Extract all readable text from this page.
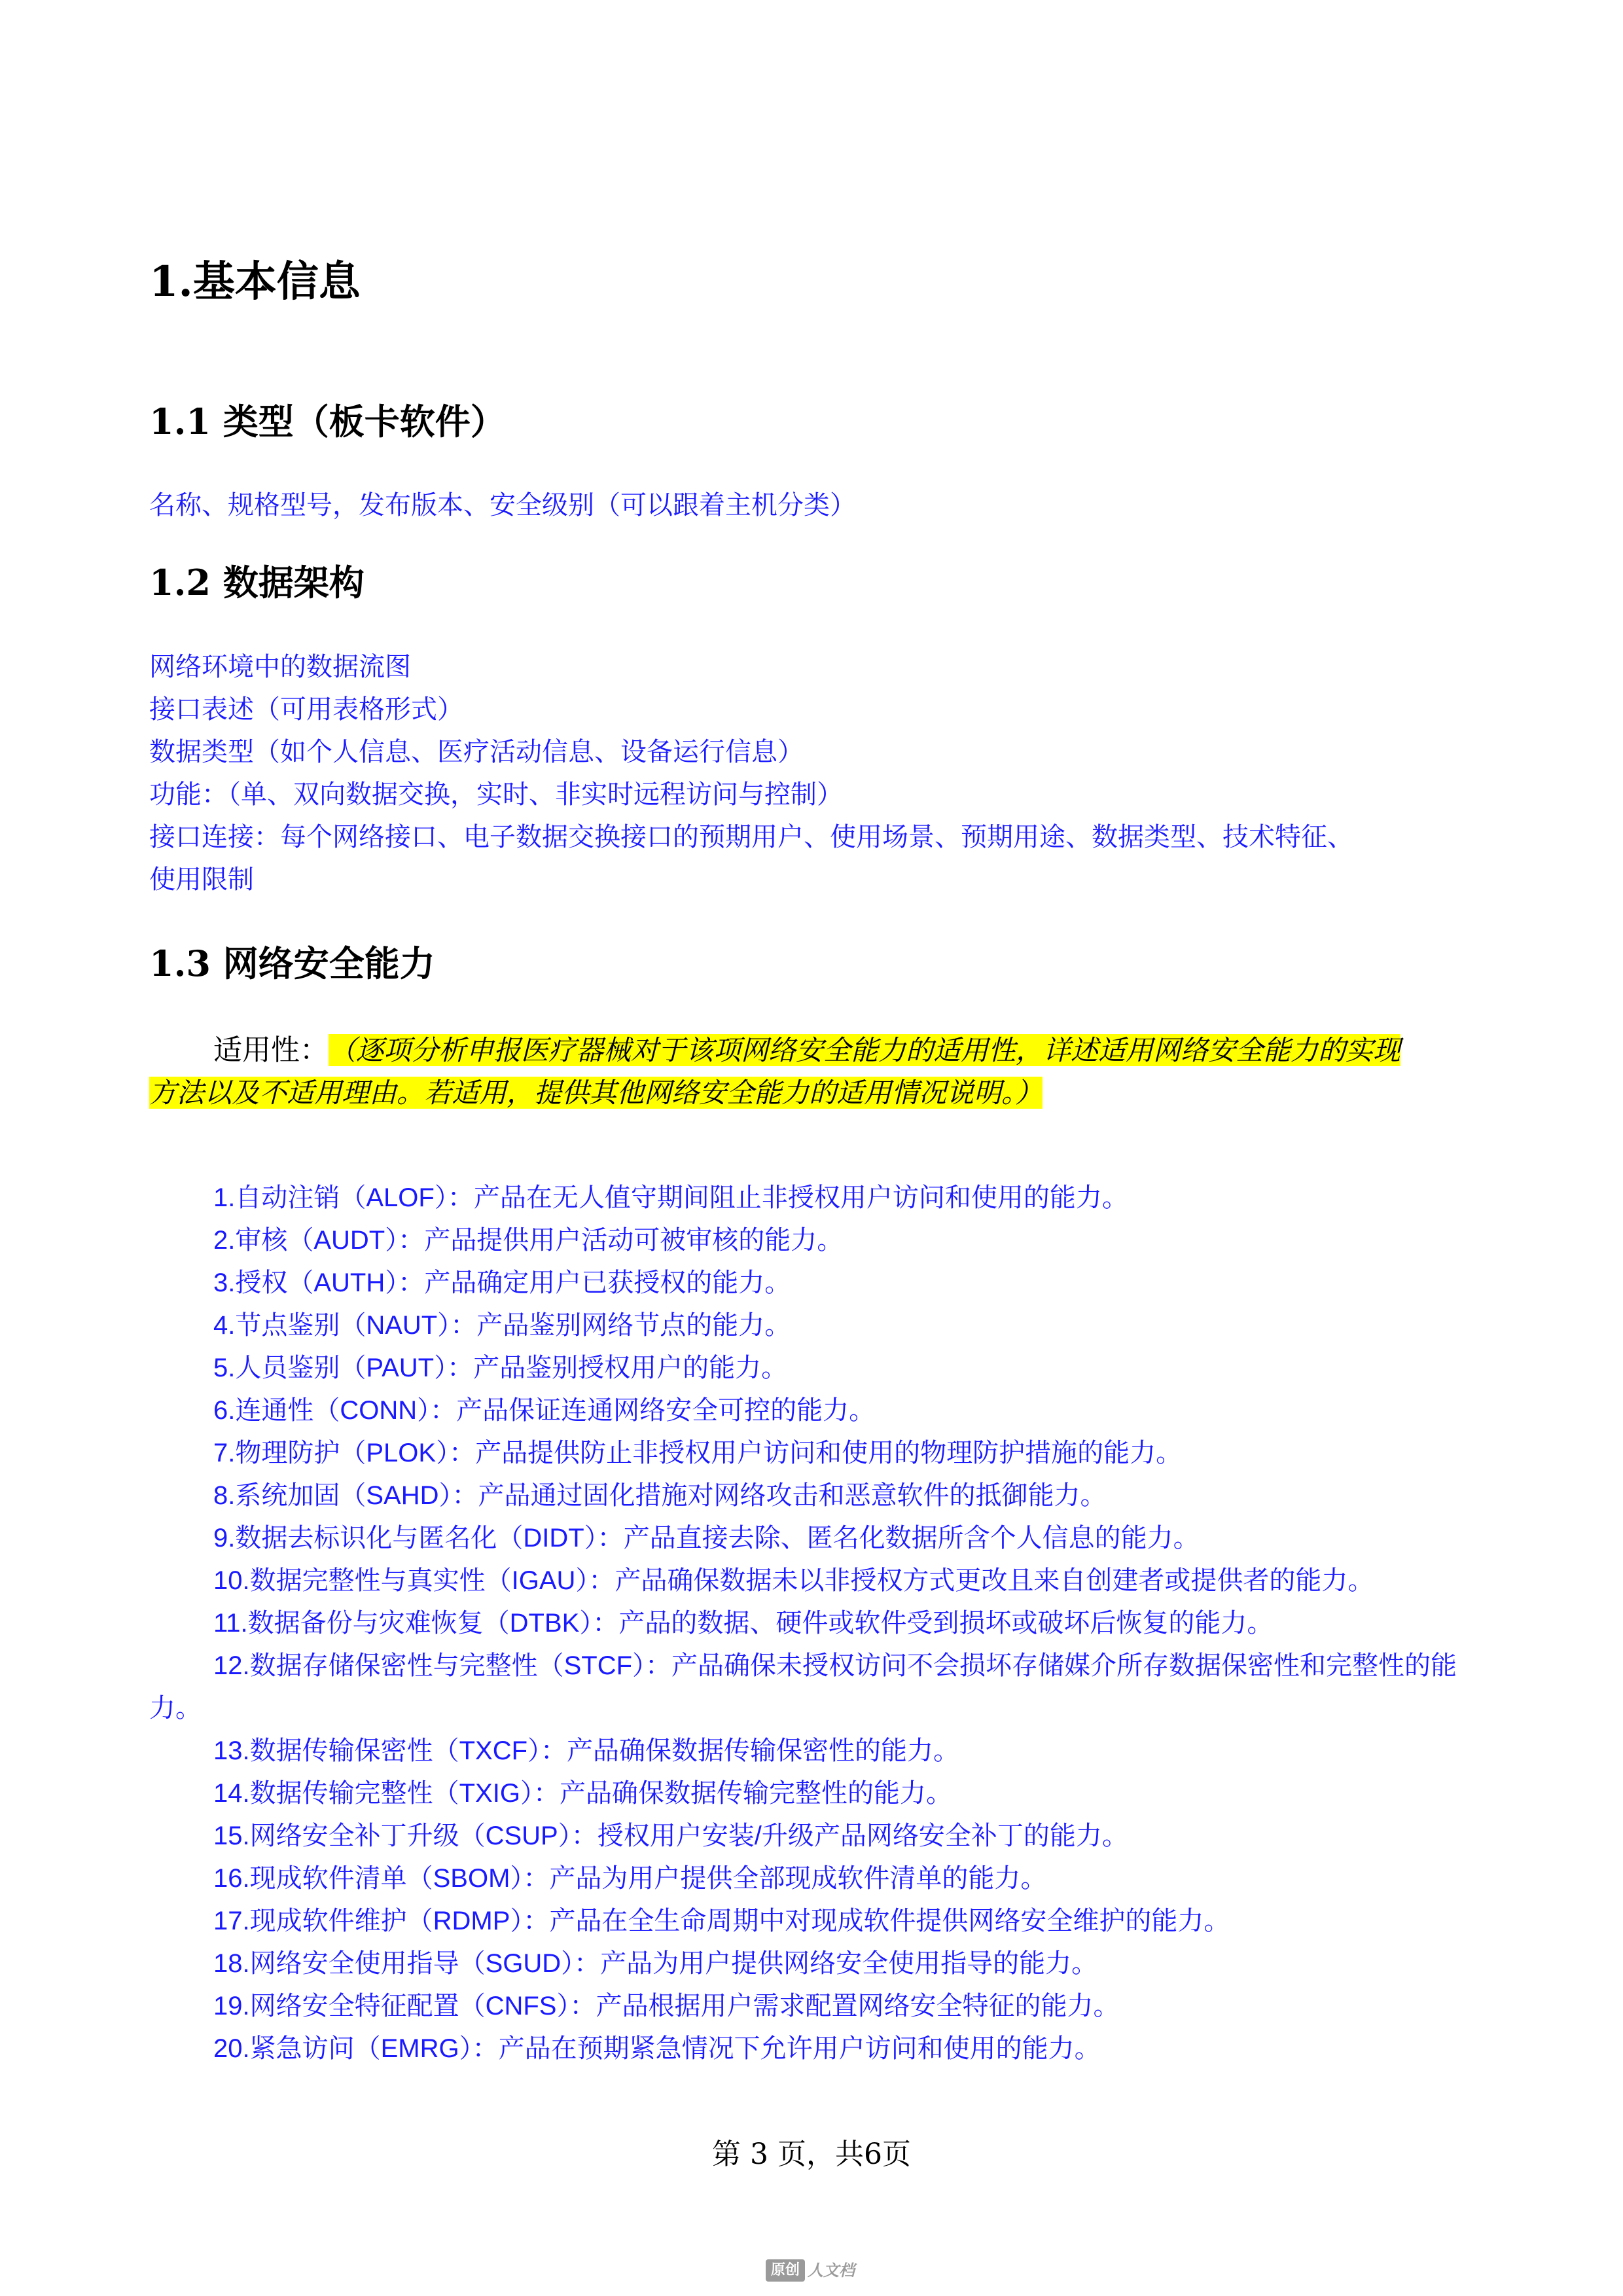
1.基本信息
1.1 类型（板卡软件）
名称、规格型号，发布版本、安全级别（可以跟着主机分类）
1.2 数据架构
网络环境中的数据流图
接口表述（可用表格形式）
数据类型（如个人信息、医疗活动信息、设备运行信息）
功能：（单、双向数据交换，实时、非实时远程访问与控制）
接口连接：每个网络接口、电子数据交换接口的预期用户、使用场景、预期用途、数据类型、技术特征、
使用限制
1.3 网络安全能力
适用性：（逐项分析申报医疗器械对于该项网络安全能力的适用性，详述适用网络安全能力的实现
方法以及不适用理由。若适用，提供其他网络安全能力的适用情况说明。）
1.自动注销（ALOF）：产品在无人值守期间阻止非授权用户访问和使用的能力。
2.审核（AUDT）：产品提供用户活动可被审核的能力。
3.授权（AUTH）：产品确定用户已获授权的能力。
4.节点鉴别（NAUT）：产品鉴别网络节点的能力。
5.人员鉴别（PAUT）：产品鉴别授权用户的能力。
6.连通性（CONN）：产品保证连通网络安全可控的能力。
7.物理防护（PLOK）：产品提供防止非授权用户访问和使用的物理防护措施的能力。
8.系统加固（SAHD）：产品通过固化措施对网络攻击和恶意软件的抵御能力。
9.数据去标识化与匿名化（DIDT）：产品直接去除、匿名化数据所含个人信息的能力。
10.数据完整性与真实性（IGAU）：产品确保数据未以非授权方式更改且来自创建者或提供者的能力。
11.数据备份与灾难恢复（DTBK）：产品的数据、硬件或软件受到损坏或破坏后恢复的能力。
12.数据存储保密性与完整性（STCF）：产品确保未授权访问不会损坏存储媒介所存数据保密性和完整性的能力。
13.数据传输保密性（TXCF）：产品确保数据传输保密性的能力。
14.数据传输完整性（TXIG）：产品确保数据传输完整性的能力。
15.网络安全补丁升级（CSUP）：授权用户安装/升级产品网络安全补丁的能力。
16.现成软件清单（SBOM）：产品为用户提供全部现成软件清单的能力。
17.现成软件维护（RDMP）：产品在全生命周期中对现成软件提供网络安全维护的能力。
18.网络安全使用指导（SGUD）：产品为用户提供网络安全使用指导的能力。
19.网络安全特征配置（CNFS）：产品根据用户需求配置网络安全特征的能力。
20.紧急访问（EMRG）：产品在预期紧急情况下允许用户访问和使用的能力。
第 3 页，共6页
原创 人文档
